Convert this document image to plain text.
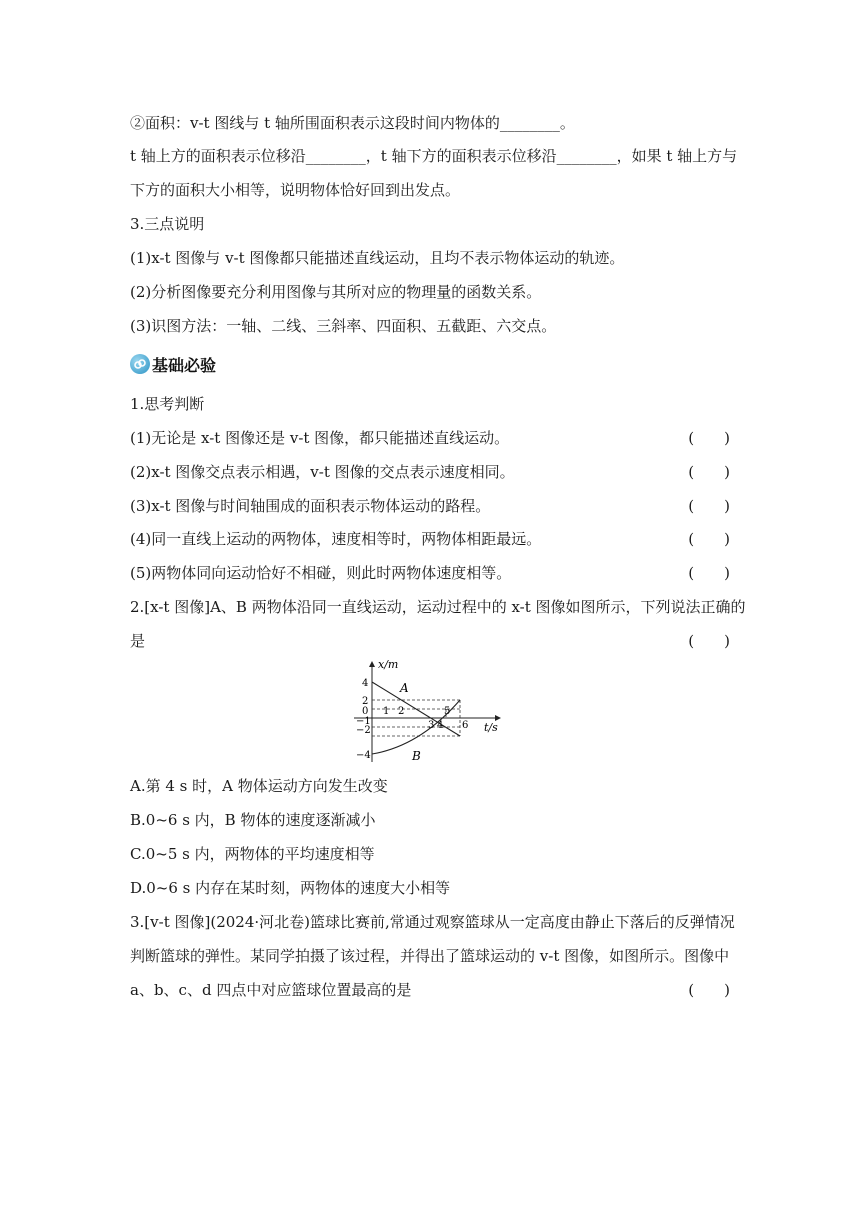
②面积：v-t 图线与 t 轴所围面积表示这段时间内物体的________。
t 轴上方的面积表示位移沿________，t 轴下方的面积表示位移沿________，如果 t 轴上方与
下方的面积大小相等，说明物体恰好回到出发点。
3.三点说明
(1)x-t 图像与 v-t 图像都只能描述直线运动，且均不表示物体运动的轨迹。
(2)分析图像要充分利用图像与其所对应的物理量的函数关系。
(3)识图方法：一轴、二线、三斜率、四面积、五截距、六交点。
基础必验
1.思考判断
(1)无论是 x-t 图像还是 v-t 图像，都只能描述直线运动。	(　　)
(2)x-t 图像交点表示相遇，v-t 图像的交点表示速度相同。	(　　)
(3)x-t 图像与时间轴围成的面积表示物体运动的路程。	(　　)
(4)同一直线上运动的两物体，速度相等时，两物体相距最远。	(　　)
(5)两物体同向运动恰好不相碰，则此时两物体速度相等。	(　　)
2.[x-t 图像]A、B 两物体沿同一直线运动，运动过程中的 x-t 图像如图所示，下列说法正确的
是	(　　)
x/m
t/s
4
2
0
−1
−2
−4
1 2
3 4
5
6
A
B
A.第 4 s 时，A 物体运动方向发生改变
B.0~6 s 内，B 物体的速度逐渐减小
C.0~5 s 内，两物体的平均速度相等
D.0~6 s 内存在某时刻，两物体的速度大小相等
3.[v-t 图像](2024·河北卷)篮球比赛前,常通过观察篮球从一定高度由静止下落后的反弹情况
判断篮球的弹性。某同学拍摄了该过程，并得出了篮球运动的 v-t 图像，如图所示。图像中
a、b、c、d 四点中对应篮球位置最高的是	(　　)
